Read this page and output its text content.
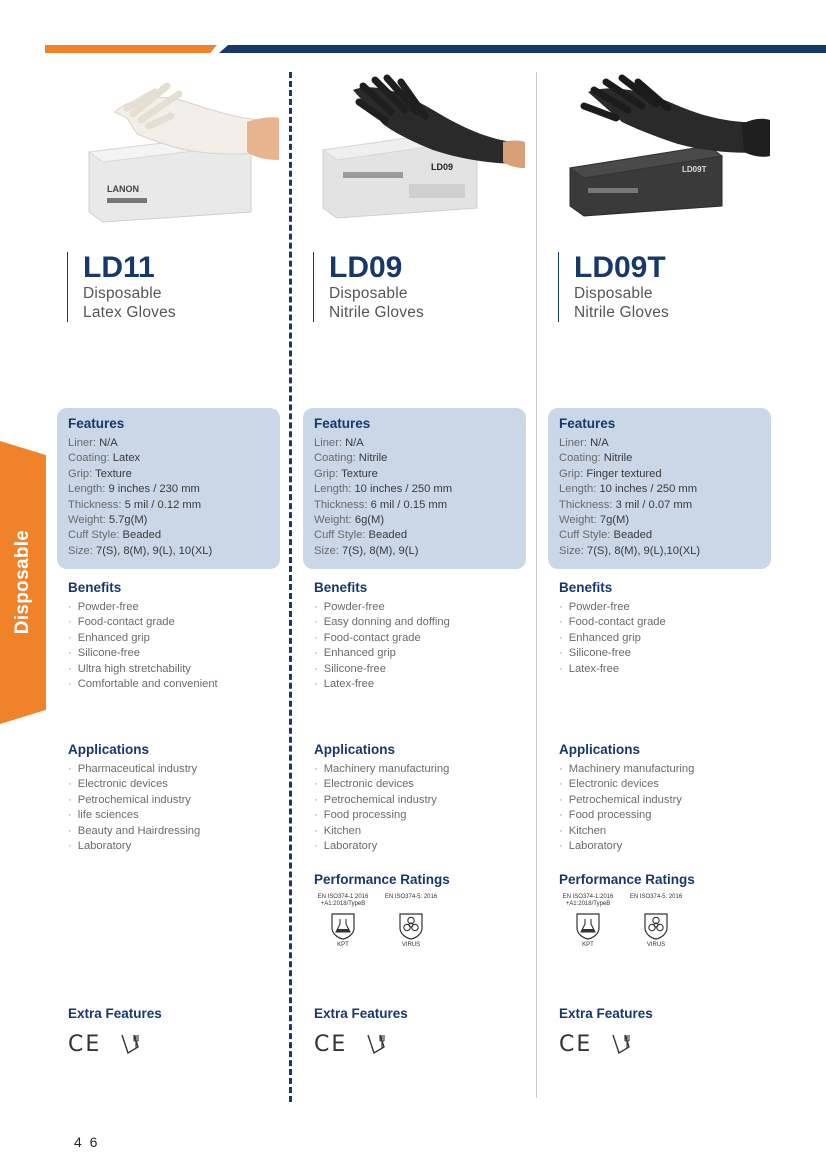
Disposable
LANON
LD11
Disposable
Latex Gloves
Features
Liner: N/A
Coating: Latex
Grip: Texture
Length: 9 inches / 230 mm
Thickness: 5 mil / 0.12 mm
Weight: 5.7g(M)
Cuff Style: Beaded
Size: 7(S), 8(M), 9(L), 10(XL)
Benefits
· Powder-free
· Food-contact grade
· Enhanced grip
· Silicone-free
· Ultra high stretchability
· Comfortable and convenient
Applications
· Pharmaceutical industry
· Electronic devices
· Petrochemical industry
· life sciences
· Beauty and Hairdressing
· Laboratory
Extra Features
CE
LD09
LD09
Disposable
Nitrile Gloves
Features
Liner: N/A
Coating: Nitrile
Grip: Texture
Length: 10 inches / 250 mm
Thickness: 6 mil / 0.15 mm
Weight: 6g(M)
Cuff Style: Beaded
Size: 7(S), 8(M), 9(L)
Benefits
· Powder-free
· Easy donning and doffing
· Food-contact grade
· Enhanced grip
· Silicone-free
· Latex-free
Applications
· Machinery manufacturing
· Electronic devices
· Petrochemical industry
· Food processing
· Kitchen
· Laboratory
Performance Ratings
EN ISO374-1:2016 +A1:2018/TypeB
EN ISO374-5: 2016
KPT	VIRUS
Extra Features
CE
LD09T
LD09T
Disposable
Nitrile Gloves
Features
Liner: N/A
Coating: Nitrile
Grip: Finger textured
Length: 10 inches / 250 mm
Thickness: 3 mil / 0.07 mm
Weight: 7g(M)
Cuff Style: Beaded
Size: 7(S), 8(M), 9(L),10(XL)
Benefits
· Powder-free
· Food-contact grade
· Enhanced grip
· Silicone-free
· Latex-free
Applications
· Machinery manufacturing
· Electronic devices
· Petrochemical industry
· Food processing
· Kitchen
· Laboratory
Performance Ratings
EN ISO374-1:2016 +A1:2018/TypeB
EN ISO374-5: 2016
KPT	VIRUS
Extra Features
CE
4 6
